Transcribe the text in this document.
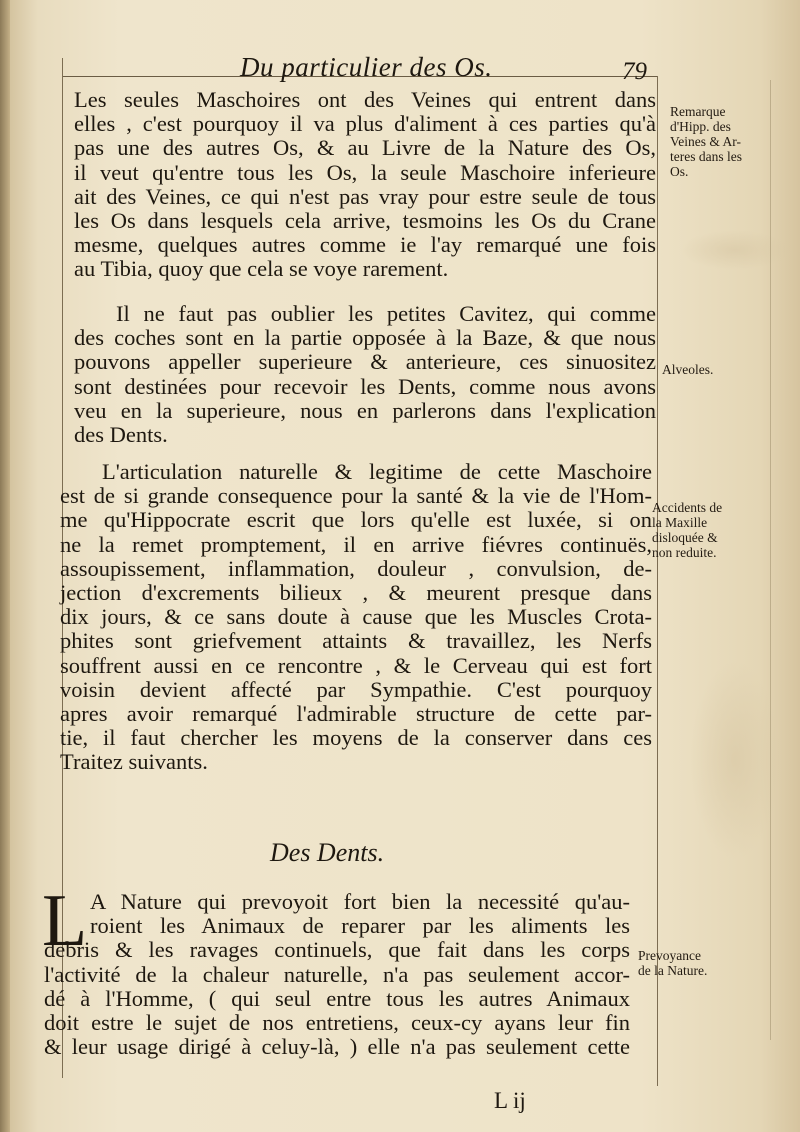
Du particulier des Os.	79
Les seules Maschoires ont des Veines qui entrent dans
elles , c'est pourquoy il va plus d'aliment à ces parties qu'à
pas une des autres Os, & au Livre de la Nature des Os,
il veut qu'entre tous les Os, la seule Maschoire inferieure
ait des Veines, ce qui n'est pas vray pour estre seule de tous
les Os dans lesquels cela arrive, tesmoins les Os du Crane
mesme, quelques autres comme ie l'ay remarqué une fois
au Tibia, quoy que cela se voye rarement.
Il ne faut pas oublier les petites Cavitez, qui comme
des coches sont en la partie opposée à la Baze, & que nous
pouvons appeller superieure & anterieure, ces sinuositez
sont destinées pour recevoir les Dents, comme nous avons
veu en la superieure, nous en parlerons dans l'explication
des Dents.
L'articulation naturelle & legitime de cette Maschoire
est de si grande consequence pour la santé & la vie de l'Hom-
me qu'Hippocrate escrit que lors qu'elle est luxée, si on
ne la remet promptement, il en arrive fiévres continuës,
assoupissement, inflammation, douleur , convulsion, de-
jection d'excrements bilieux , & meurent presque dans
dix jours, & ce sans doute à cause que les Muscles Crota-
phites sont griefvement attaints & travaillez, les Nerfs
souffrent aussi en ce rencontre , & le Cerveau qui est fort
voisin devient affecté par Sympathie. C'est pourquoy
apres avoir remarqué l'admirable structure de cette par-
tie, il faut chercher les moyens de la conserver dans ces
Traitez suivants.
Des Dents.
L A Nature qui prevoyoit fort bien la necessité qu'au-
roient les Animaux de reparer par les aliments les
debris & les ravages continuels, que fait dans les corps
l'activité de la chaleur naturelle, n'a pas seulement accor-
dé à l'Homme, ( qui seul entre tous les autres Animaux
doit estre le sujet de nos entretiens, ceux-cy ayans leur fin
& leur usage dirigé à celuy-là, ) elle n'a pas seulement cette
Remarque
d'Hipp. des
Veines & Ar-
teres dans les
Os.
Alveoles.
Accidents de
la Maxille
disloquée &
non reduite.
Prevoyance
de la Nature.
L ij
